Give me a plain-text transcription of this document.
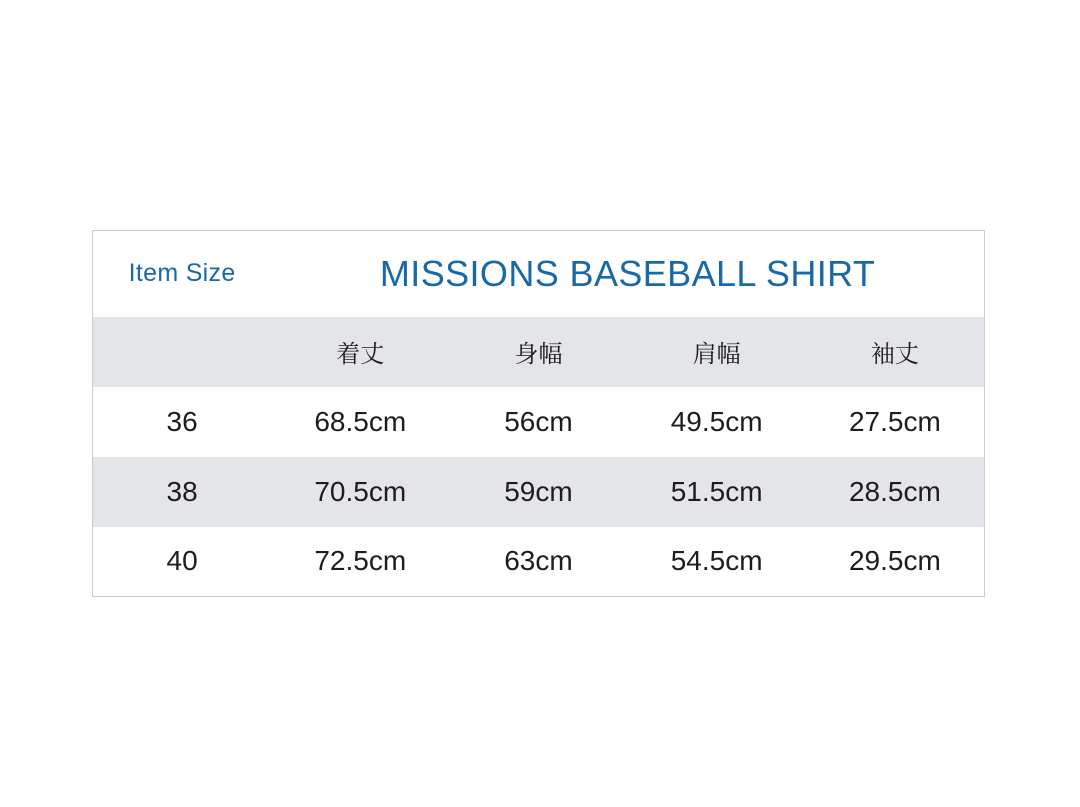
Item Size	MISSIONS BASEBALL SHIRT			
	着丈	身幅	肩幅	袖丈
36	68.5cm	56cm	49.5cm	27.5cm
38	70.5cm	59cm	51.5cm	28.5cm
40	72.5cm	63cm	54.5cm	29.5cm
